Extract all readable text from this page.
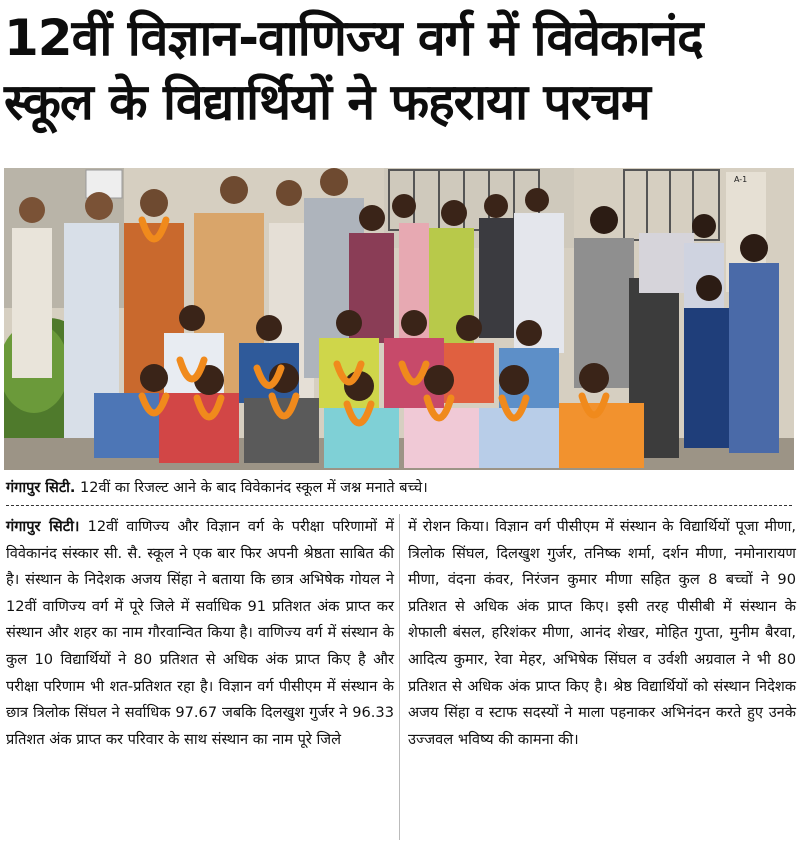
12वीं विज्ञान-वाणिज्य वर्ग में विवेकानंद स्कूल के विद्यार्थियों ने फहराया परचम
A-1
गंगापुर सिटी. 12वीं का रिजल्ट आने के बाद विवेकानंद स्कूल में जश्न मनाते बच्चे।

गंगापुर सिटी। 12वीं वाणिज्य और विज्ञान वर्ग के परीक्षा परिणामों में विवेकानंद संस्कार सी. सै. स्कूल ने एक बार फिर अपनी श्रेष्ठता साबित की है। संस्थान के निदेशक अजय सिंहा ने बताया कि छात्र अभिषेक गोयल ने 12वीं वाणिज्य वर्ग में पूरे जिले में सर्वाधिक 91 प्रतिशत अंक प्राप्त कर संस्थान और शहर का नाम गौरवान्वित किया है। वाणिज्य वर्ग में संस्थान के कुल 10 विद्यार्थियों ने 80 प्रतिशत से अधिक अंक प्राप्त किए है और परीक्षा परिणाम भी शत-प्रतिशत रहा है। विज्ञान वर्ग पीसीएम में संस्थान के छात्र त्रिलोक सिंघल ने सर्वाधिक 97.67 जबकि दिलखुश गुर्जर ने 96.33 प्रतिशत अंक प्राप्त कर परिवार के साथ संस्थान का नाम पूरे जिले

में रोशन किया। विज्ञान वर्ग पीसीएम में संस्थान के विद्यार्थियों पूजा मीणा, त्रिलोक सिंघल, दिलखुश गुर्जर, तनिष्क शर्मा, दर्शन मीणा, नमोनारायण मीणा, वंदना कंवर, निरंजन कुमार मीणा सहित कुल 8 बच्चों ने 90 प्रतिशत से अधिक अंक प्राप्त किए। इसी तरह पीसीबी में संस्थान के शेफाली बंसल, हरिशंकर मीणा, आनंद शेखर, मोहित गुप्ता, मुनीम बैरवा, आदित्य कुमार, रेवा मेहर, अभिषेक सिंघल व उर्वशी अग्रवाल ने भी 80 प्रतिशत से अधिक अंक प्राप्त किए है। श्रेष्ठ विद्यार्थियों को संस्थान निदेशक अजय सिंहा व स्टाफ सदस्यों ने माला पहनाकर अभिनंदन करते हुए उनके उज्जवल भविष्य की कामना की।
